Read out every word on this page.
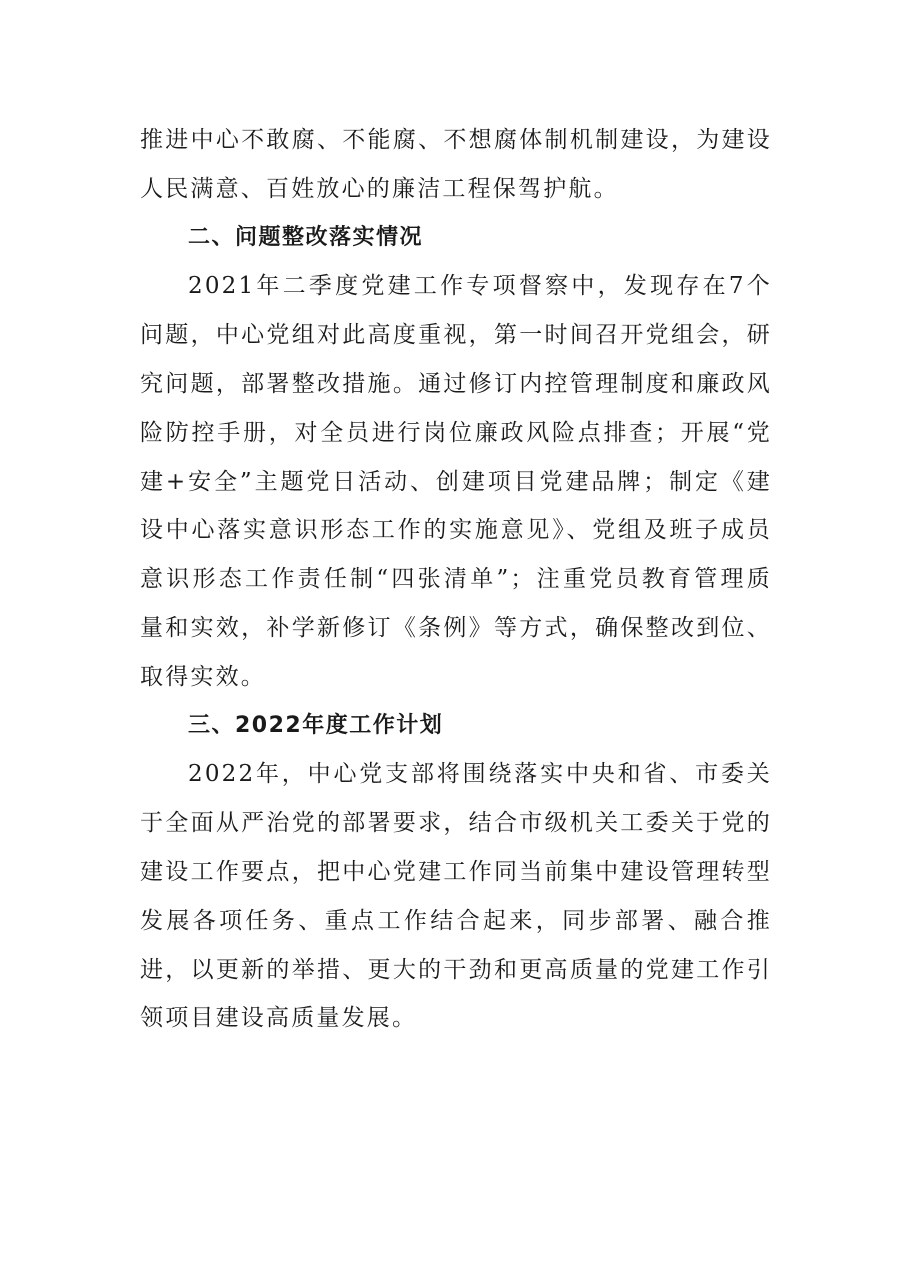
推进中心不敢腐、不能腐、不想腐体制机制建设，为建设人民满意、百姓放心的廉洁工程保驾护航。

二、问题整改落实情况

2021年二季度党建工作专项督察中，发现存在7个问题，中心党组对此高度重视，第一时间召开党组会，研究问题，部署整改措施。通过修订内控管理制度和廉政风险防控手册，对全员进行岗位廉政风险点排查；开展“党建+安全”主题党日活动、创建项目党建品牌；制定《建设中心落实意识形态工作的实施意见》、党组及班子成员意识形态工作责任制“四张清单”；注重党员教育管理质量和实效，补学新修订《条例》等方式，确保整改到位、取得实效。

三、2022年度工作计划

2022年，中心党支部将围绕落实中央和省、市委关于全面从严治党的部署要求，结合市级机关工委关于党的建设工作要点，把中心党建工作同当前集中建设管理转型发展各项任务、重点工作结合起来，同步部署、融合推进，以更新的举措、更大的干劲和更高质量的党建工作引领项目建设高质量发展。
